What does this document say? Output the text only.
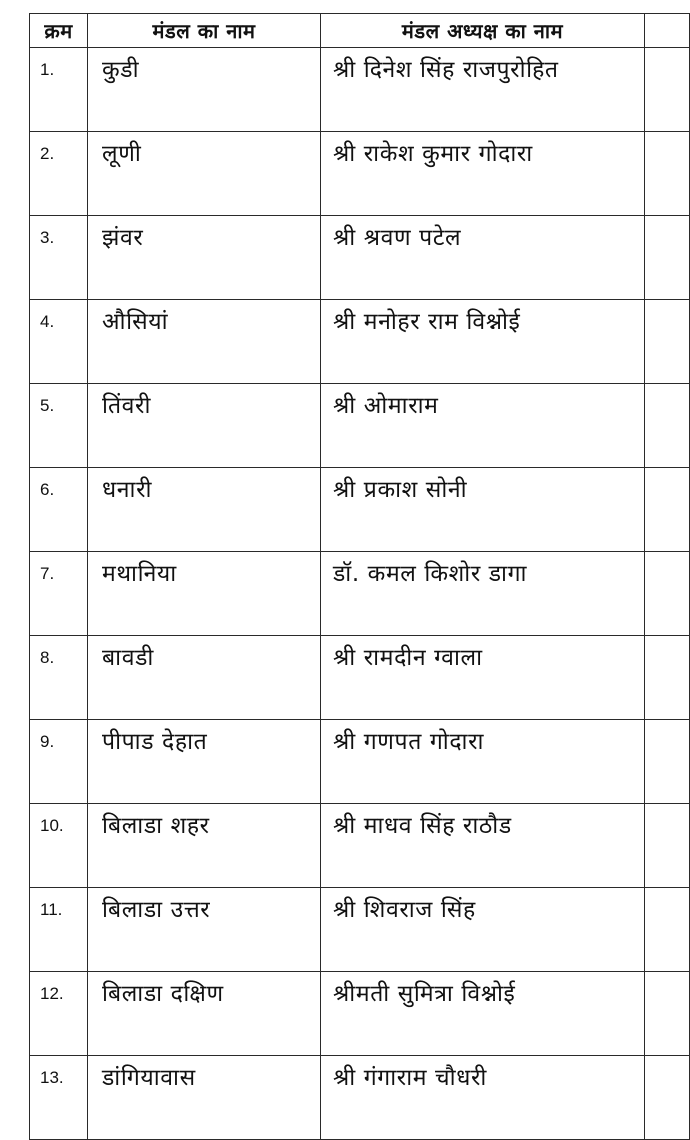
क्रम	मंडल का नाम	मंडल अध्यक्ष का नाम	
1.	कुडी	श्री दिनेश सिंह राजपुरोहित	
2.	लूणी	श्री राकेश कुमार गोदारा	
3.	झंवर	श्री श्रवण पटेल	
4.	औसियां	श्री मनोहर राम विश्नोई	
5.	तिंवरी	श्री ओमाराम	
6.	धनारी	श्री प्रकाश सोनी	
7.	मथानिया	डॉ. कमल किशोर डागा	
8.	बावडी	श्री रामदीन ग्वाला	
9.	पीपाड देहात	श्री गणपत गोदारा	
10.	बिलाडा शहर	श्री माधव सिंह राठौड	
11.	बिलाडा उत्तर	श्री शिवराज सिंह	
12.	बिलाडा दक्षिण	श्रीमती सुमित्रा विश्नोई	
13.	डांगियावास	श्री गंगाराम चौधरी	
